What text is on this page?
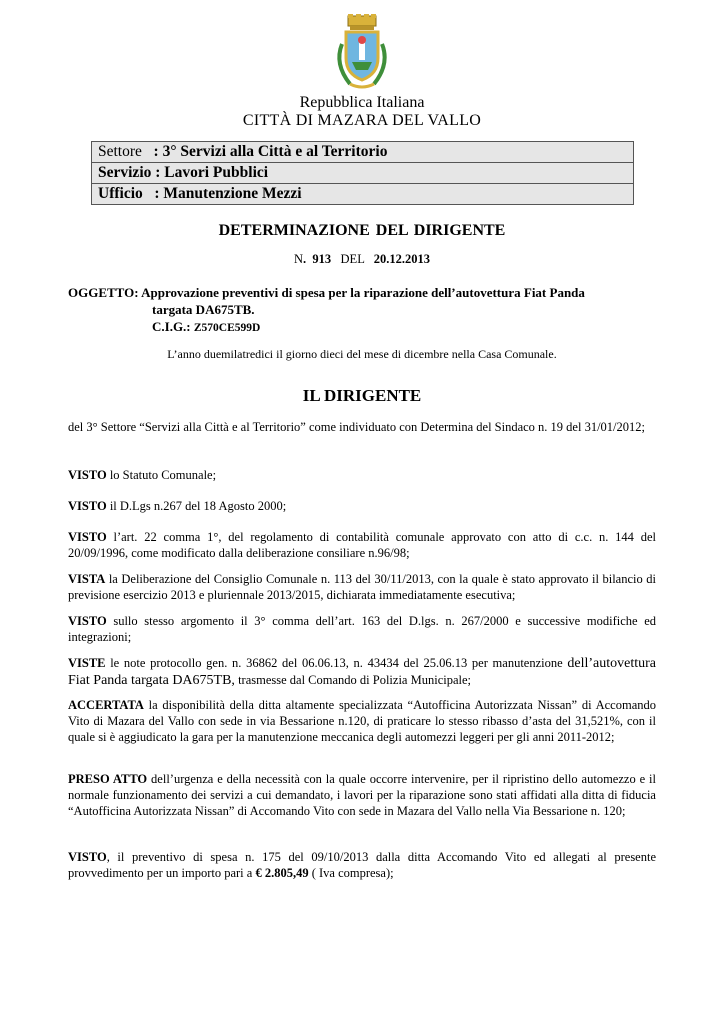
Repubblica Italiana
CITTÀ DI MAZARA DEL VALLO
Settore : 3° Servizi alla Città e al Territorio
Servizio : Lavori Pubblici
Ufficio : Manutenzione Mezzi
DETERMINAZIONE DEL DIRIGENTE
N. 913 DEL 20.12.2013
OGGETTO: Approvazione preventivi di spesa per la riparazione dell’autovettura Fiat Panda
targata DA675TB.
C.I.G.: Z570CE599D
L’anno duemilatredici il giorno dieci del mese di dicembre nella Casa Comunale.
IL DIRIGENTE
del 3° Settore “Servizi alla Città e al Territorio” come individuato con Determina del Sindaco n. 19 del 31/01/2012;
VISTO lo Statuto Comunale;
VISTO il D.Lgs n.267 del 18 Agosto 2000;
VISTO l’art. 22 comma 1°, del regolamento di contabilità comunale approvato con atto di c.c. n. 144 del 20/09/1996, come modificato dalla deliberazione consiliare n.96/98;
VISTA la Deliberazione del Consiglio Comunale n. 113 del 30/11/2013, con la quale è stato approvato il bilancio di previsione esercizio 2013 e pluriennale 2013/2015, dichiarata immediatamente esecutiva;
VISTO sullo stesso argomento il 3° comma dell’art. 163 del D.lgs. n. 267/2000 e successive modifiche ed integrazioni;
VISTE le note protocollo gen. n. 36862 del 06.06.13, n. 43434 del 25.06.13 per manutenzione dell’autovettura Fiat Panda targata DA675TB, trasmesse dal Comando di Polizia Municipale;
ACCERTATA la disponibilità della ditta altamente specializzata “Autofficina Autorizzata Nissan” di Accomando Vito di Mazara del Vallo con sede in via Bessarione n.120, di praticare lo stesso ribasso d’asta del 31,521%, con il quale si è aggiudicato la gara per la manutenzione meccanica degli automezzi leggeri per gli anni 2011-2012;
PRESO ATTO dell’urgenza e della necessità con la quale occorre intervenire, per il ripristino dello automezzo e il normale funzionamento dei servizi a cui demandato, i lavori per la riparazione sono stati affidati alla ditta di fiducia “Autofficina Autorizzata Nissan” di Accomando Vito con sede in Mazara del Vallo nella Via Bessarione n. 120;
VISTO, il preventivo di spesa n. 175 del 09/10/2013 dalla ditta Accomando Vito ed allegati al presente provvedimento per un importo pari a € 2.805,49 ( Iva compresa);
